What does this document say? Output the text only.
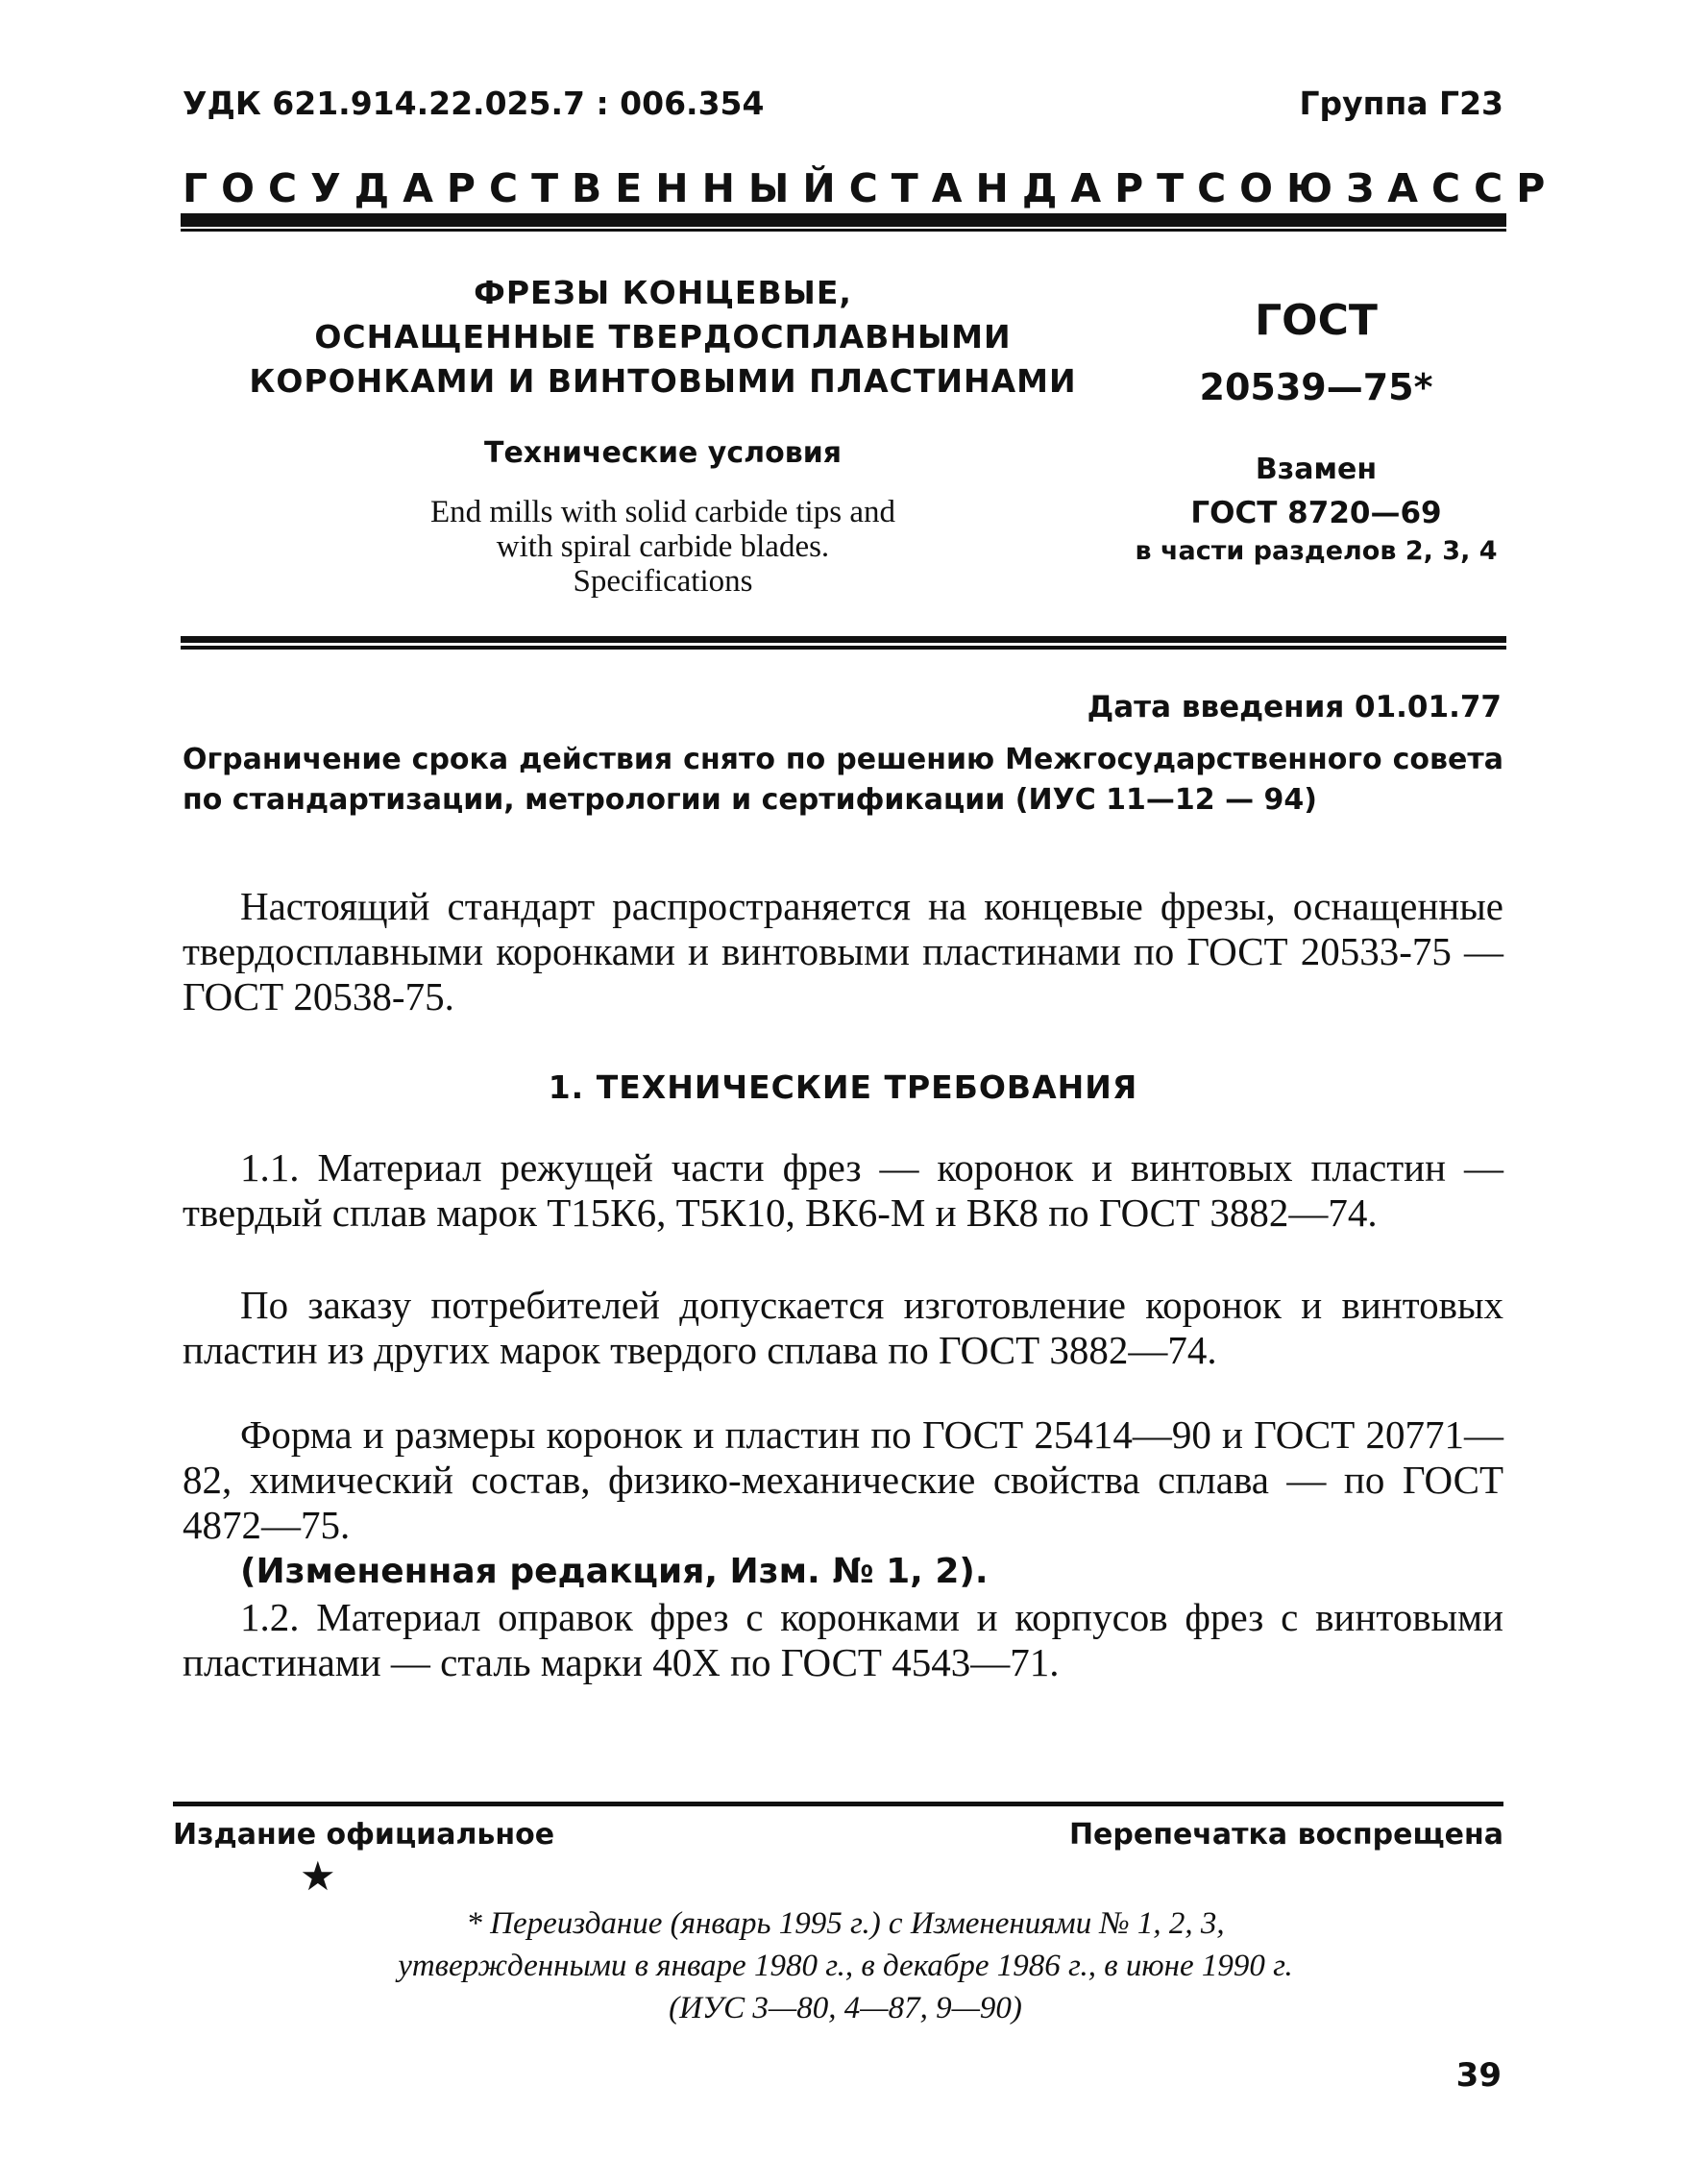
УДК 621.914.22.025.7 : 006.354	Группа Г23
ГОСУДАРСТВЕННЫЙ СТАНДАРТ СОЮЗА ССР
ФРЕЗЫ КОНЦЕВЫЕ,
ОСНАЩЕННЫЕ ТВЕРДОСПЛАВНЫМИ
КОРОНКАМИ И ВИНТОВЫМИ ПЛАСТИНАМИ
Технические условия
End mills with solid carbide tips and
with spiral carbide blades.
Specifications
ГОСТ
20539—75*
Взамен
ГОСТ 8720—69
в части разделов 2, 3, 4
Дата введения 01.01.77
Ограничение срока действия снято по решению Межгосударственного совета по стандартизации, метрологии и сертификации (ИУС 11—12 — 94)
Настоящий стандарт распространяется на концевые фрезы, оснащенные твердосплавными коронками и винтовыми пластинами по ГОСТ 20533-75 — ГОСТ 20538-75.
1. ТЕХНИЧЕСКИЕ ТРЕБОВАНИЯ
1.1. Материал режущей части фрез — коронок и винтовых пластин — твердый сплав марок Т15К6, Т5К10, ВК6-М и ВК8 по ГОСТ 3882—74.
По заказу потребителей допускается изготовление коронок и винтовых пластин из других марок твердого сплава по ГОСТ 3882—74.
Форма и размеры коронок и пластин по ГОСТ 25414—90 и ГОСТ 20771—82, химический состав, физико-механические свойства сплава — по ГОСТ 4872—75.
(Измененная редакция, Изм. № 1, 2).
1.2. Материал оправок фрез с коронками и корпусов фрез с винтовыми пластинами — сталь марки 40Х по ГОСТ 4543—71.
Издание официальное	Перепечатка воспрещена
★
* Переиздание (январь 1995 г.) с Изменениями № 1, 2, 3,
утвержденными в январе 1980 г., в декабре 1986 г., в июне 1990 г.
(ИУС 3—80, 4—87, 9—90)
39
